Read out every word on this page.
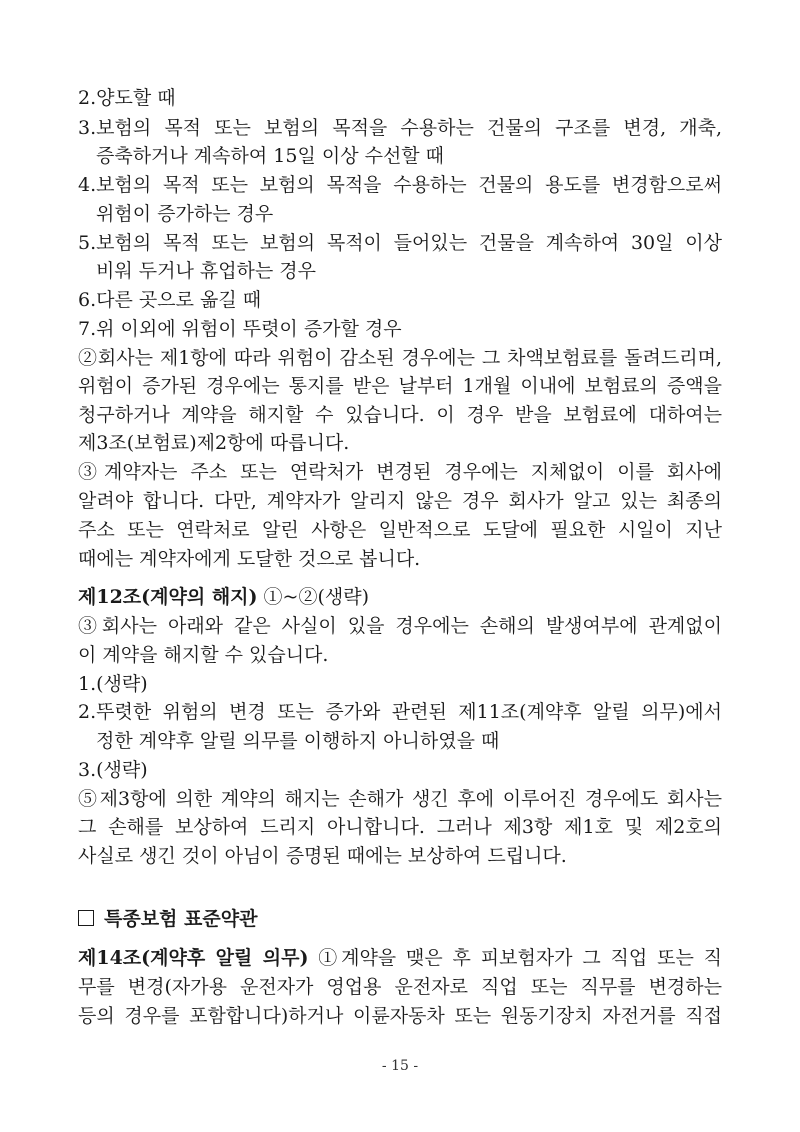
2.양도할 때
3.보험의 목적 또는 보험의 목적을 수용하는 건물의 구조를 변경, 개축,
증축하거나 계속하여 15일 이상 수선할 때
4.보험의 목적 또는 보험의 목적을 수용하는 건물의 용도를 변경함으로써
위험이 증가하는 경우
5.보험의 목적 또는 보험의 목적이 들어있는 건물을 계속하여 30일 이상
비워 두거나 휴업하는 경우
6.다른 곳으로 옮길 때
7.위 이외에 위험이 뚜렷이 증가할 경우
②회사는 제1항에 따라 위험이 감소된 경우에는 그 차액보험료를 돌려드리며,
위험이 증가된 경우에는 통지를 받은 날부터 1개월 이내에 보험료의 증액을
청구하거나 계약을 해지할 수 있습니다. 이 경우 받을 보험료에 대하여는
제3조(보험료)제2항에 따릅니다.
③계약자는 주소 또는 연락처가 변경된 경우에는 지체없이 이를 회사에
알려야 합니다. 다만, 계약자가 알리지 않은 경우 회사가 알고 있는 최종의
주소 또는 연락처로 알린 사항은 일반적으로 도달에 필요한 시일이 지난
때에는 계약자에게 도달한 것으로 봅니다.
제12조(계약의 해지) ①~②(생략)
③회사는 아래와 같은 사실이 있을 경우에는 손해의 발생여부에 관계없이
이 계약을 해지할 수 있습니다.
1.(생략)
2.뚜렷한 위험의 변경 또는 증가와 관련된 제11조(계약후 알릴 의무)에서
정한 계약후 알릴 의무를 이행하지 아니하였을 때
3.(생략)
⑤제3항에 의한 계약의 해지는 손해가 생긴 후에 이루어진 경우에도 회사는
그 손해를 보상하여 드리지 아니합니다. 그러나 제3항 제1호 및 제2호의
사실로 생긴 것이 아님이 증명된 때에는 보상하여 드립니다.
특종보험 표준약관
제14조(계약후 알릴 의무) ①계약을 맺은 후 피보험자가 그 직업 또는 직
무를 변경(자가용 운전자가 영업용 운전자로 직업 또는 직무를 변경하는
등의 경우를 포함합니다)하거나 이륜자동차 또는 원동기장치 자전거를 직접
- 15 -
